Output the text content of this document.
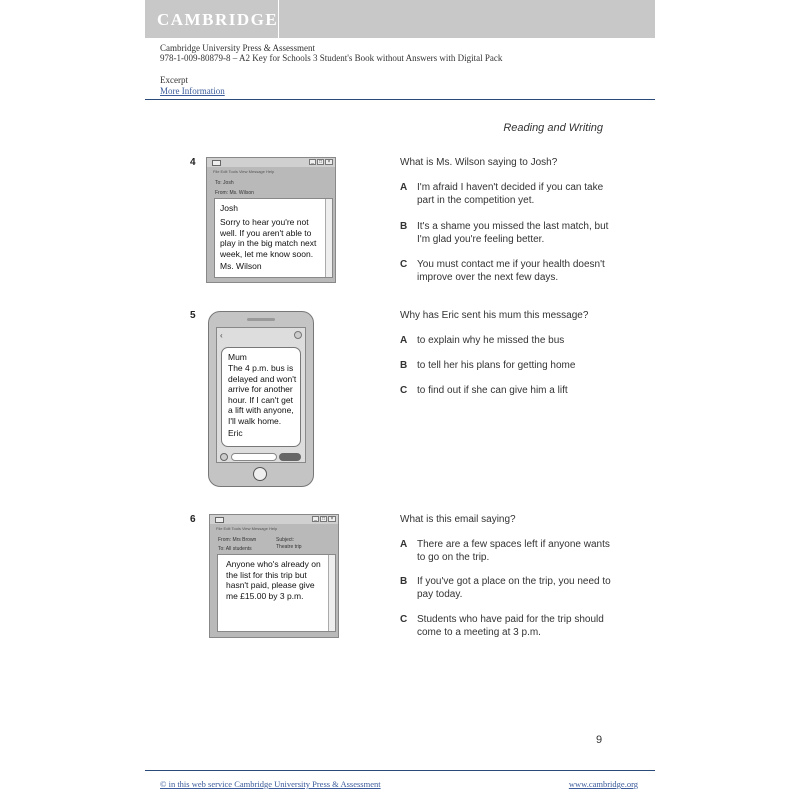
CAMBRIDGE
Cambridge University Press & Assessment
978-1-009-80879-8 – A2 Key for Schools 3 Student's Book without Answers with Digital Pack
Excerpt
More Information
Reading and Writing
4	_	□	×
File Edit Tools View Message Help
To: Josh
From: Ms. Wilson
Josh
Sorry to hear you're not well. If you aren't able to play in the big match next week, let me know soon.
Ms. Wilson
What is Ms. Wilson saying to Josh?
A I'm afraid I haven't decided if you can take part in the competition yet.
B It's a shame you missed the last match, but I'm glad you're feeling better.
C You must contact me if your health doesn't improve over the next few days.
5
‹
Mum
The 4 p.m. bus is delayed and won't arrive for another hour. If I can't get a lift with anyone, I'll walk home.
Eric
Why has Eric sent his mum this message?
A to explain why he missed the bus
B to tell her his plans for getting home
C to find out if she can give him a lift
6	_	□	×
File Edit Tools View Message Help
From: Mrs Brown
To: All students
Subject:
Theatre trip
Anyone who's already on the list for this trip but hasn't paid, please give me £15.00 by 3 p.m.
What is this email saying?
A There are a few spaces left if anyone wants to go on the trip.
B If you've got a place on the trip, you need to pay today.
C Students who have paid for the trip should come to a meeting at 3 p.m.
9
© in this web service Cambridge University Press & Assessment	www.cambridge.org
